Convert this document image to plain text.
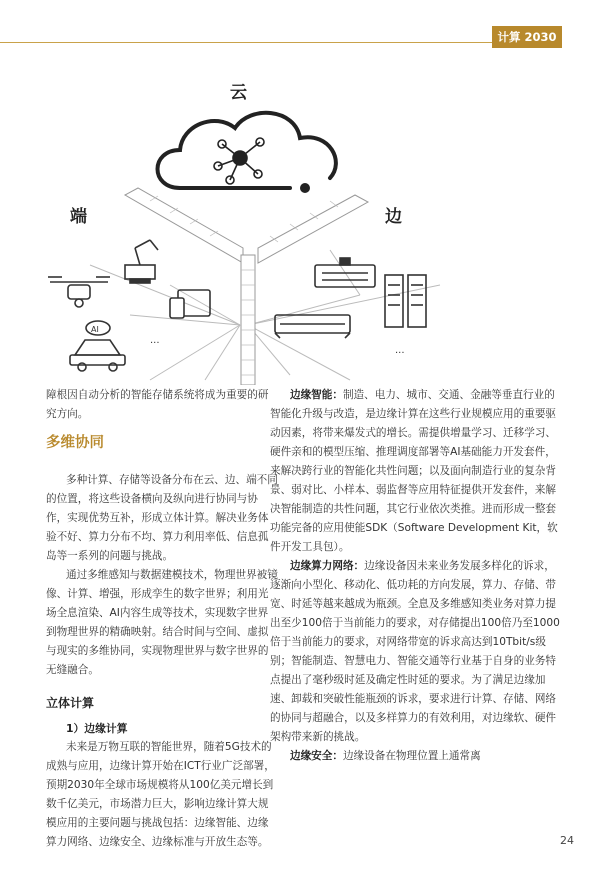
计算 2030
AI
...
...
云
端	边

障根因自动分析的智能存储系统将成为重要的研究方向。

多维协同

多种计算、存储等设备分布在云、边、端不同的位置，将这些设备横向及纵向进行协同与协作，实现优势互补，形成立体计算。解决业务体验不好、算力分布不均、算力利用率低、信息孤岛等一系列的问题与挑战。

通过多维感知与数据建模技术，物理世界被镜像、计算、增强，形成孪生的数字世界；利用光场全息渲染、AI内容生成等技术，实现数字世界到物理世界的精确映射。结合时间与空间、虚拟与现实的多维协同，实现物理世界与数字世界的无缝融合。

立体计算
1）边缘计算

未来是万物互联的智能世界，随着5G技术的成熟与应用，边缘计算开始在ICT行业广泛部署，预期2030年全球市场规模将从100亿美元增长到数千亿美元，市场潜力巨大，影响边缘计算大规模应用的主要问题与挑战包括：边缘智能、边缘算力网络、边缘安全、边缘标准与开放生态等。

边缘智能：制造、电力、城市、交通、金融等垂直行业的智能化升级与改造，是边缘计算在这些行业规模应用的重要驱动因素，将带来爆发式的增长。需提供增量学习、迁移学习、硬件亲和的模型压缩、推理调度部署等AI基础能力开发套件，来解决跨行业的智能化共性问题；以及面向制造行业的复杂背景、弱对比、小样本、弱监督等应用特征提供开发套件，来解决智能制造的共性问题，其它行业依次类推。进而形成一整套功能完备的应用使能SDK（Software Development Kit，软件开发工具包）。

边缘算力网络：边缘设备因未来业务发展多样化的诉求，逐渐向小型化、移动化、低功耗的方向发展，算力、存储、带宽、时延等越来越成为瓶颈。全息及多维感知类业务对算力提出至少100倍于当前能力的要求，对存储提出100倍乃至1000倍于当前能力的要求，对网络带宽的诉求高达到10Tbit/s级别；智能制造、智慧电力、智能交通等行业基于自身的业务特点提出了毫秒级时延及确定性时延的要求。为了满足边缘加速、卸载和突破性能瓶颈的诉求，要求进行计算、存储、网络的协同与超融合，以及多样算力的有效利用，对边缘软、硬件架构带来新的挑战。

边缘安全：边缘设备在物理位置上通常离

24
